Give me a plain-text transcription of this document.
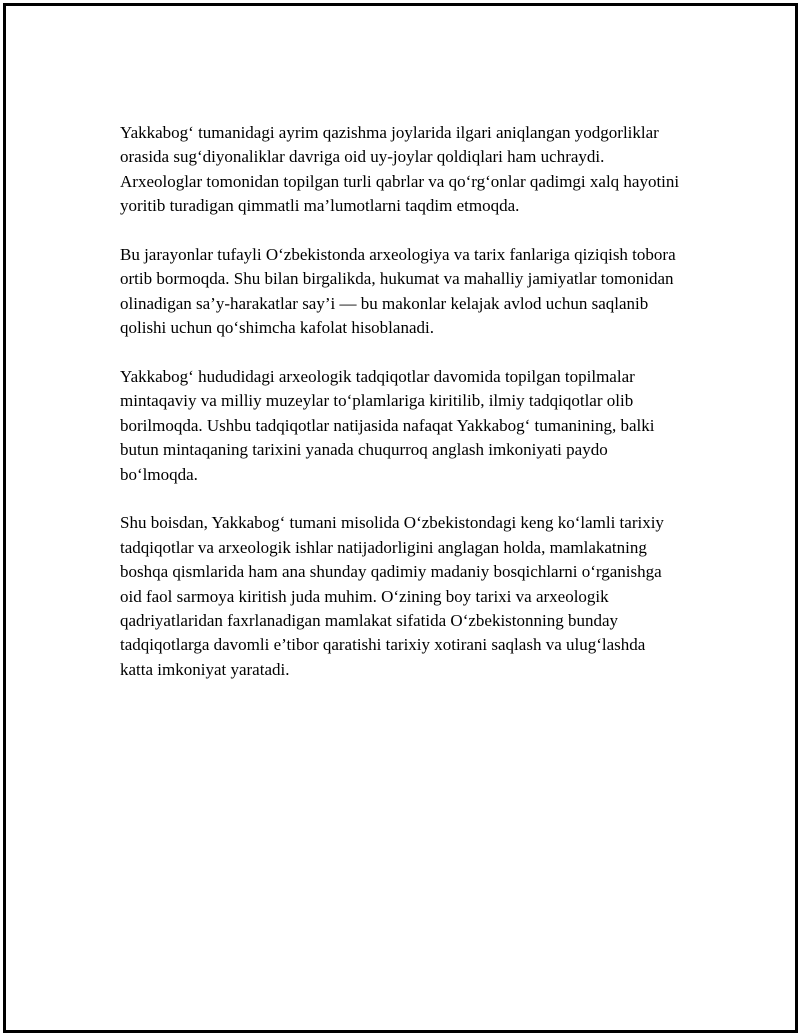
Yakkabog‘ tumanidagi ayrim qazishma joylarida ilgari aniqlangan yodgorliklar orasida sug‘diyonaliklar davriga oid uy-joylar qoldiqlari ham uchraydi. Arxeologlar tomonidan topilgan turli qabrlar va qo‘rg‘onlar qadimgi xalq hayotini yoritib turadigan qimmatli ma’lumotlarni taqdim etmoqda.

Bu jarayonlar tufayli O‘zbekistonda arxeologiya va tarix fanlariga qiziqish tobora ortib bormoqda. Shu bilan birgalikda, hukumat va mahalliy jamiyatlar tomonidan olinadigan sa’y-harakatlar say’i — bu makonlar kelajak avlod uchun saqlanib qolishi uchun qo‘shimcha kafolat hisoblanadi.

Yakkabog‘ hududidagi arxeologik tadqiqotlar davomida topilgan topilmalar mintaqaviy va milliy muzeylar to‘plamlariga kiritilib, ilmiy tadqiqotlar olib borilmoqda. Ushbu tadqiqotlar natijasida nafaqat Yakkabog‘ tumanining, balki butun mintaqaning tarixini yanada chuqurroq anglash imkoniyati paydo bo‘lmoqda.

Shu boisdan, Yakkabog‘ tumani misolida O‘zbekistondagi keng ko‘lamli tarixiy tadqiqotlar va arxeologik ishlar natijadorligini anglagan holda, mamlakatning boshqa qismlarida ham ana shunday qadimiy madaniy bosqichlarni o‘rganishga oid faol sarmoya kiritish juda muhim. O‘zining boy tarixi va arxeologik qadriyatlaridan faxrlanadigan mamlakat sifatida O‘zbekistonning bunday tadqiqotlarga davomli e’tibor qaratishi tarixiy xotirani saqlash va ulug‘lashda katta imkoniyat yaratadi.
